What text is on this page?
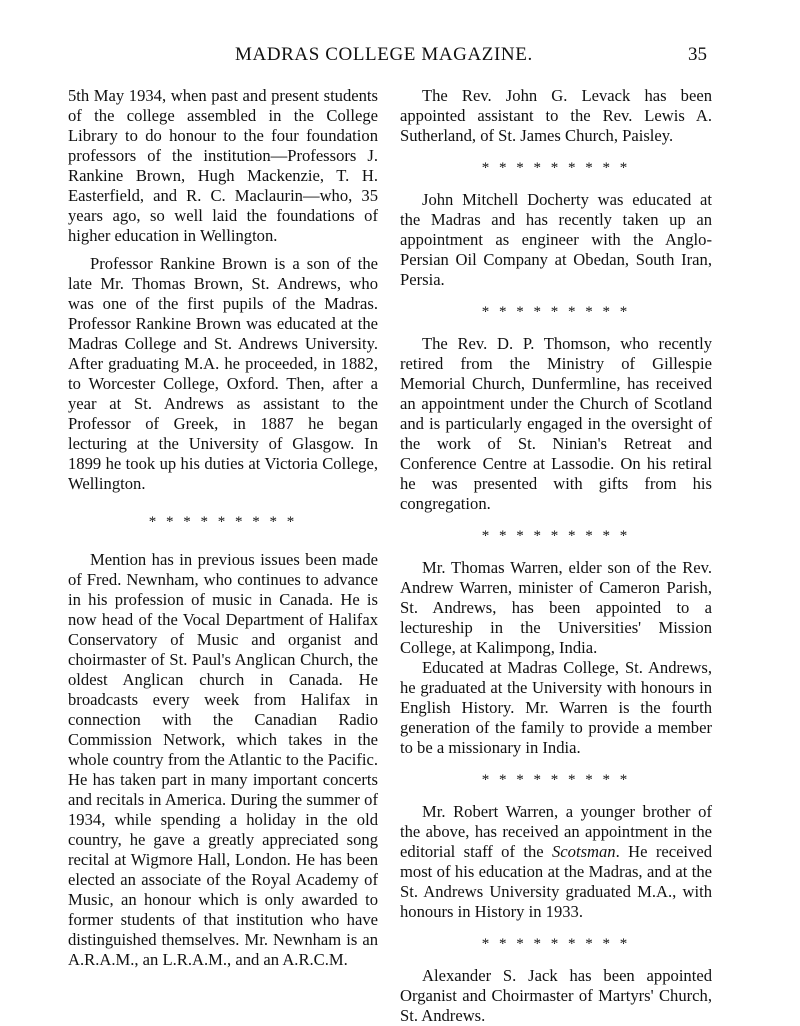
MADRAS COLLEGE MAGAZINE.	35

5th May 1934, when past and present students of the college assembled in the College Library to do honour to the four foundation professors of the institution—Professors J. Rankine Brown, Hugh Mackenzie, T. H. Easterfield, and R. C. Maclaurin—who, 35 years ago, so well laid the foundations of higher education in Wellington.

Professor Rankine Brown is a son of the late Mr. Thomas Brown, St. Andrews, who was one of the first pupils of the Madras. Professor Rankine Brown was educated at the Madras College and St. Andrews University. After graduating M.A. he proceeded, in 1882, to Worcester College, Oxford. Then, after a year at St. Andrews as assistant to the Professor of Greek, in 1887 he began lecturing at the University of Glasgow. In 1899 he took up his duties at Victoria College, Wellington.

* * * * * * * * *

Mention has in previous issues been made of Fred. Newnham, who continues to advance in his profession of music in Canada. He is now head of the Vocal Department of Halifax Conservatory of Music and organist and choirmaster of St. Paul's Anglican Church, the oldest Anglican church in Canada. He broadcasts every week from Halifax in connection with the Canadian Radio Commission Network, which takes in the whole country from the Atlantic to the Pacific. He has taken part in many important concerts and recitals in America. During the summer of 1934, while spending a holiday in the old country, he gave a greatly appreciated song recital at Wigmore Hall, London. He has been elected an associate of the Royal Academy of Music, an honour which is only awarded to former students of that institution who have distinguished themselves. Mr. Newnham is an A.R.A.M., an L.R.A.M., and an A.R.C.M.

The Rev. John G. Levack has been appointed assistant to the Rev. Lewis A. Sutherland, of St. James Church, Paisley.

* * * * * * * * *

John Mitchell Docherty was educated at the Madras and has recently taken up an appointment as engineer with the Anglo-Persian Oil Company at Obedan, South Iran, Persia.

* * * * * * * * *

The Rev. D. P. Thomson, who recently retired from the Ministry of Gillespie Memorial Church, Dunfermline, has received an appointment under the Church of Scotland and is particularly engaged in the oversight of the work of St. Ninian's Retreat and Conference Centre at Lassodie. On his retiral he was presented with gifts from his congregation.

* * * * * * * * *

Mr. Thomas Warren, elder son of the Rev. Andrew Warren, minister of Cameron Parish, St. Andrews, has been appointed to a lectureship in the Universities' Mission College, at Kalimpong, India.

Educated at Madras College, St. Andrews, he graduated at the University with honours in English History. Mr. Warren is the fourth generation of the family to provide a member to be a missionary in India.

* * * * * * * * *

Mr. Robert Warren, a younger brother of the above, has received an appointment in the editorial staff of the Scotsman. He received most of his education at the Madras, and at the St. Andrews University graduated M.A., with honours in History in 1933.

* * * * * * * * *

Alexander S. Jack has been appointed Organist and Choirmaster of Martyrs' Church, St. Andrews.
